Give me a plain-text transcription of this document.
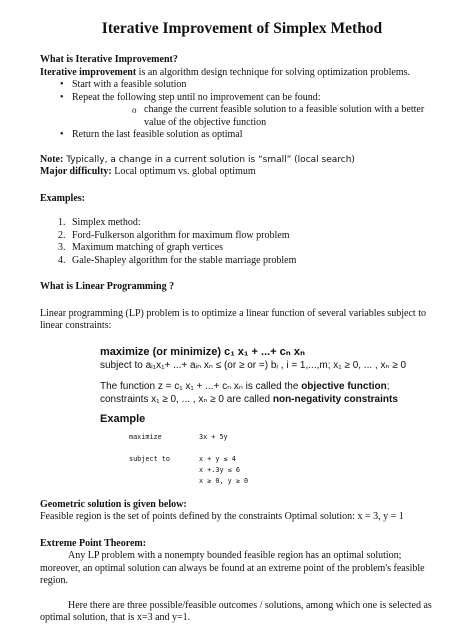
Iterative Improvement of Simplex Method

What is Iterative Improvement?

Iterative improvement is an algorithm design technique for solving optimization problems.

• Start with a feasible solution
• Repeat the following step until no improvement can be found:
o change the current feasible solution to a feasible solution with a better value of the objective function
• Return the last feasible solution as optimal

Note: Typically, a change in a current solution is “small” (local search)

Major difficulty: Local optimum vs. global optimum

Examples:

1. Simplex method:
2. Ford-Fulkerson algorithm for maximum flow problem
3. Maximum matching of graph vertices
4. Gale-Shapley algorithm for the stable marriage problem

What is Linear Programming ?

Linear programming (LP) problem is to optimize a linear function of several variables subject to linear constraints:

maximize (or minimize) c₁ x₁ + ...+ cₙ xₙ

subject to aᵢ₁x₁+ ...+ aᵢₙ xₙ ≤ (or ≥ or =) bᵢ , i = 1,...,m; x₁ ≥ 0, ... , xₙ ≥ 0

The function z = c₁ x₁ + ...+ cₙ xₙ is called the objective function;

constraints x₁ ≥ 0, ... , xₙ ≥ 0 are called non-negativity constraints

Example

maximize	3x + 5y

subject to	x + y ≤ 4
x +.3y ≤ 6
x ≥ 0, y ≥ 0

Geometric solution is given below:

Feasible region is the set of points defined by the constraints Optimal solution: x = 3, y = 1

Extreme Point Theorem:

Any LP problem with a nonempty bounded feasible region has an optimal solution; moreover, an optimal solution can always be found at an extreme point of the problem's feasible region.

Here there are three possible/feasible outcomes / solutions, among which one is selected as optimal solution, that is x=3 and y=1.
